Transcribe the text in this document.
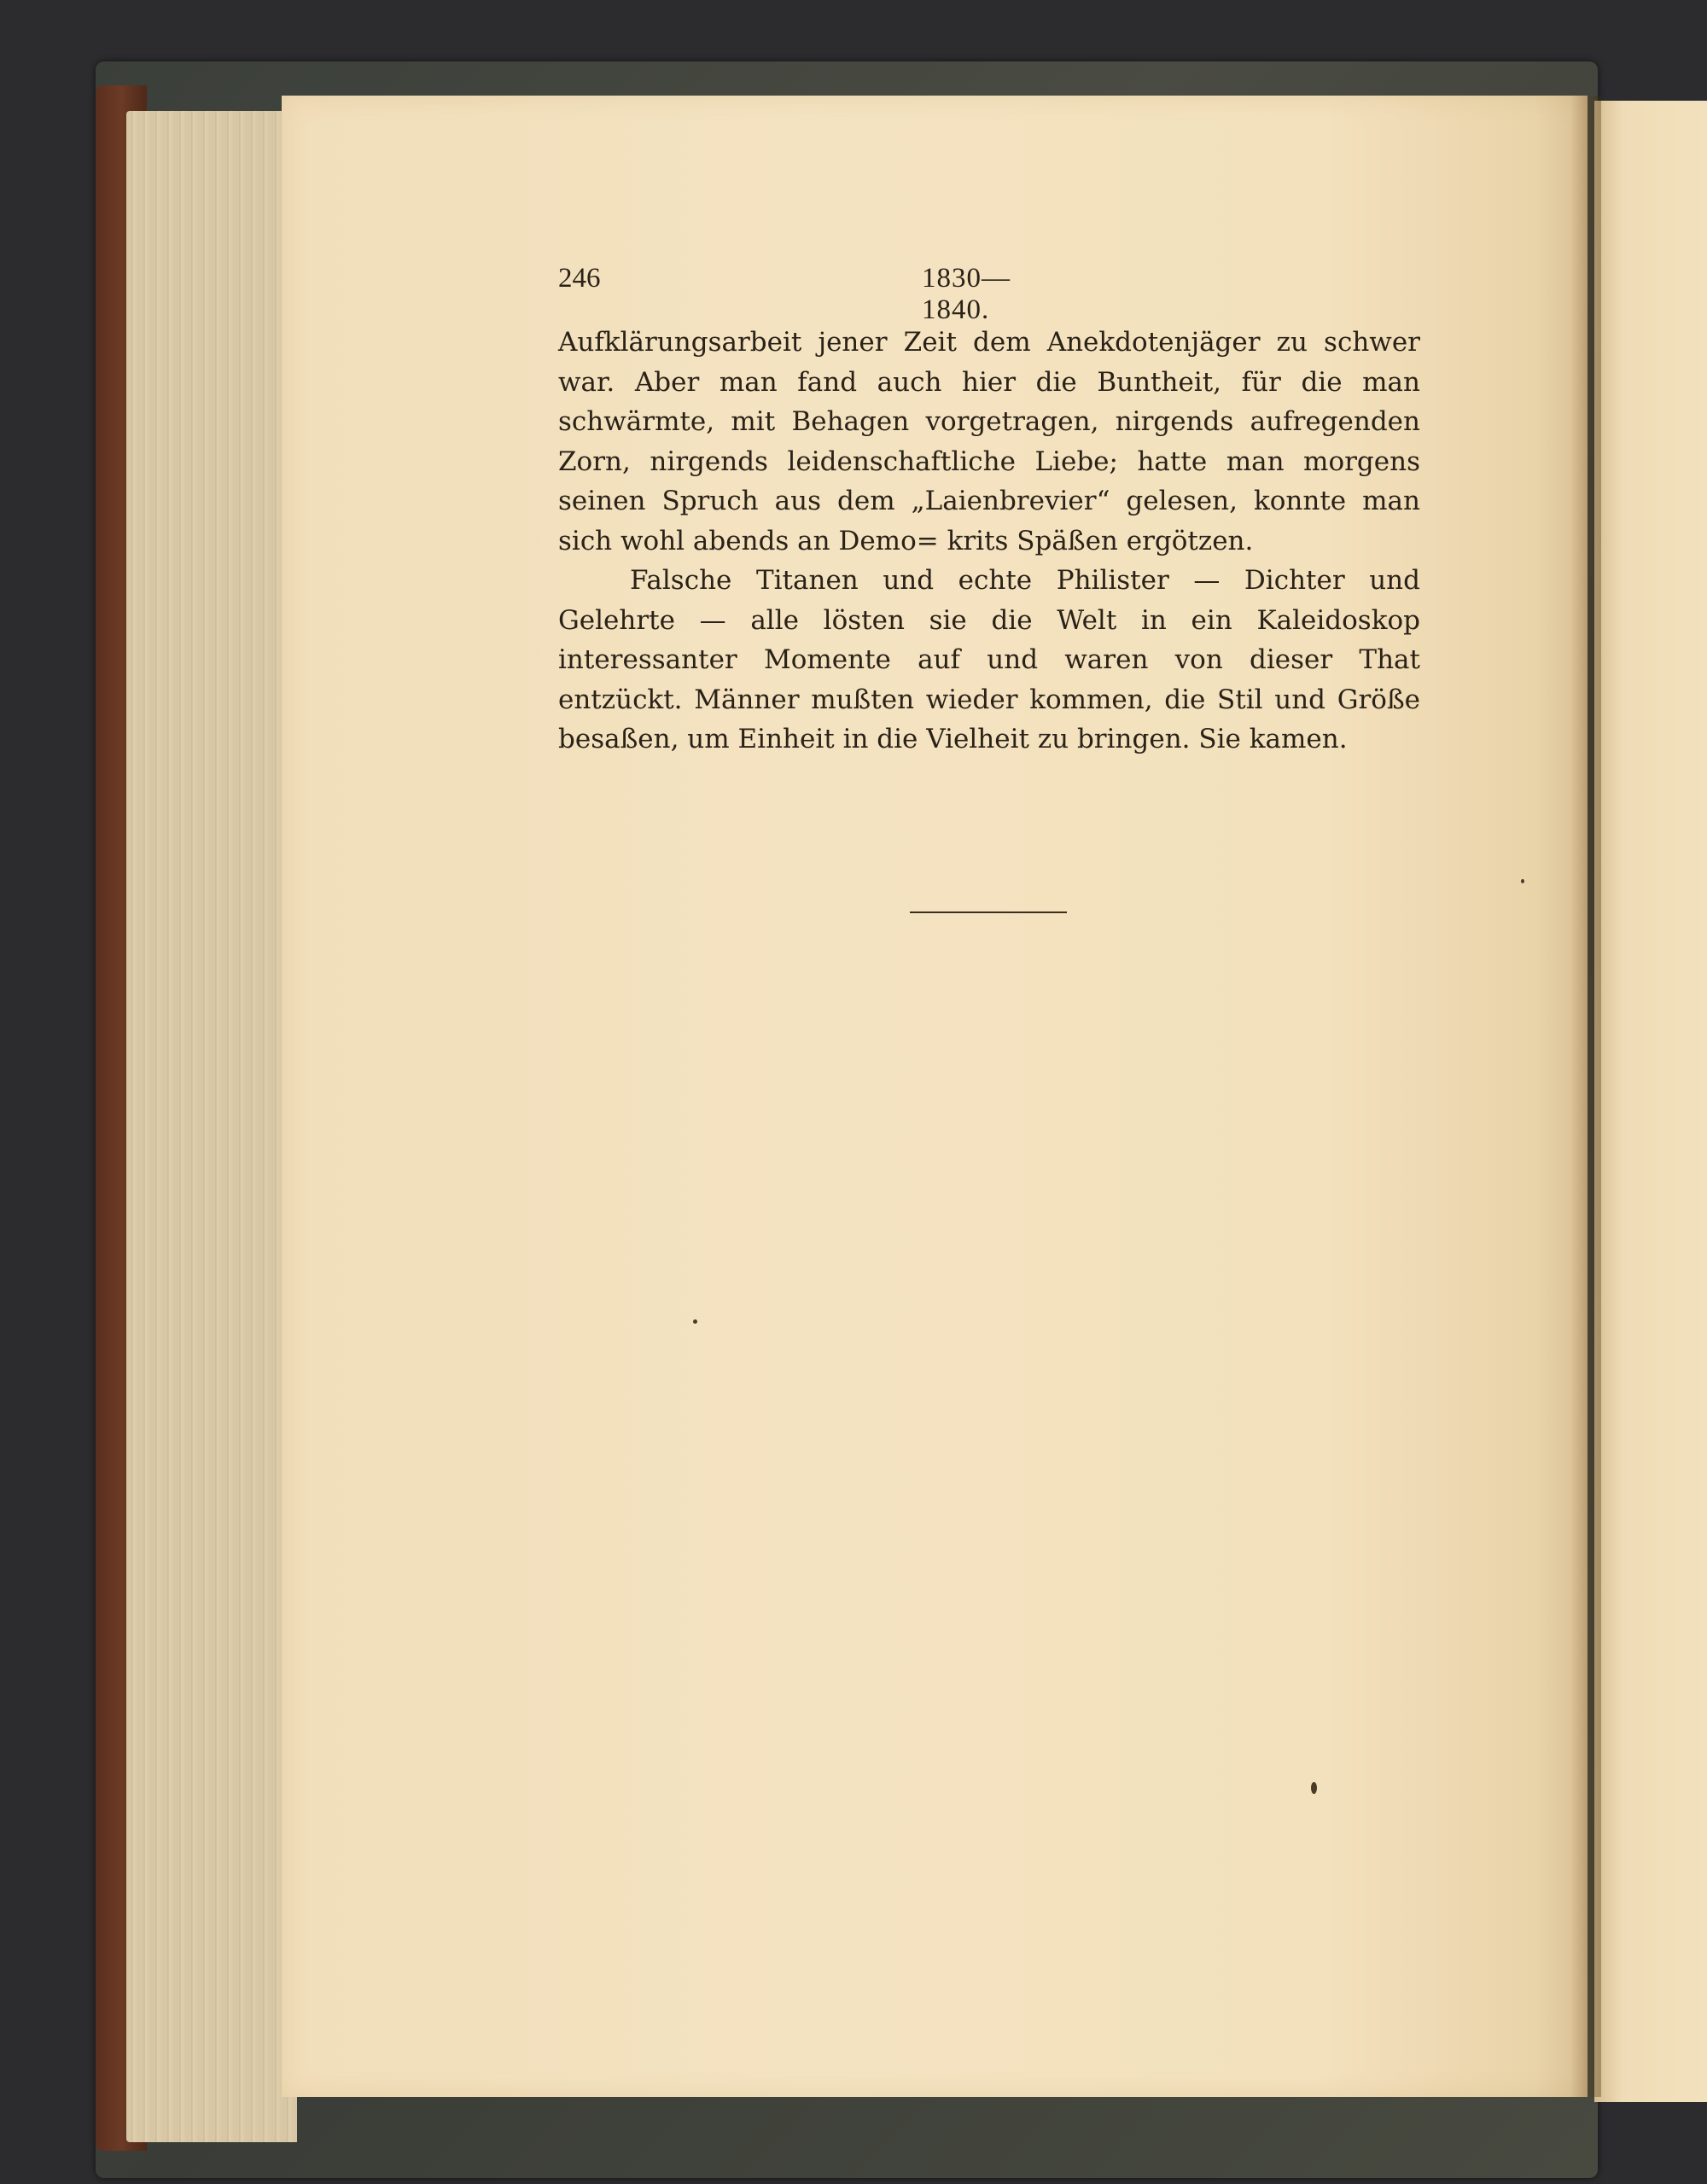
246	1830—1840.

Aufklärungsarbeit jener Zeit dem Anekdotenjäger zu schwer war. Aber man fand auch hier die Buntheit, für die man schwärmte, mit Behagen vorgetragen, nirgends aufregenden Zorn, nirgends leidenschaftliche Liebe; hatte man morgens seinen Spruch aus dem „Laienbrevier“ gelesen, konnte man sich wohl abends an Demo= krits Späßen ergötzen.

Falsche Titanen und echte Philister — Dichter und Gelehrte — alle lösten sie die Welt in ein Kaleidoskop interessanter Momente auf und waren von dieser That entzückt. Männer mußten wieder kommen, die Stil und Größe besaßen, um Einheit in die Vielheit zu bringen. Sie kamen.
